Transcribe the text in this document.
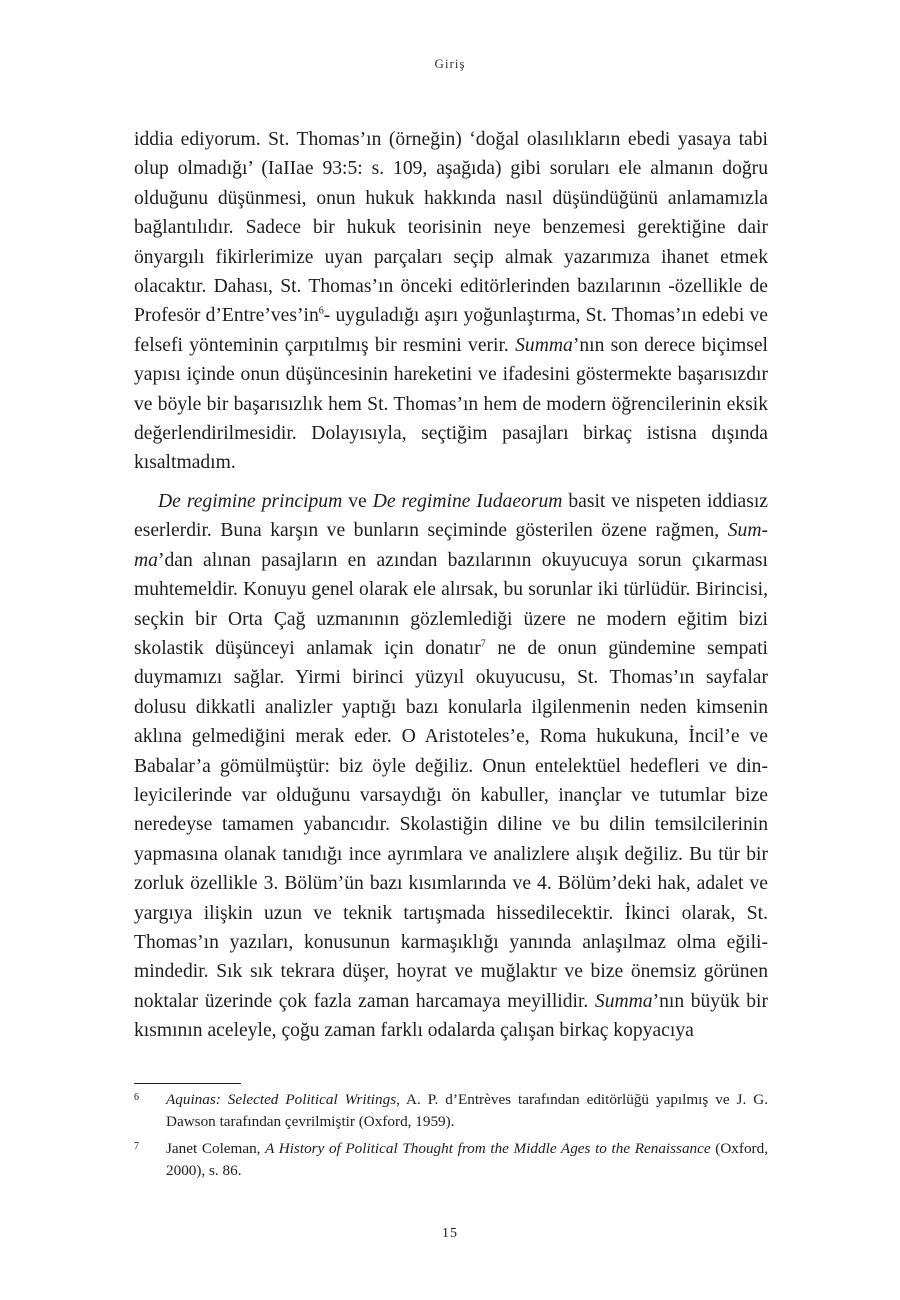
Giriş

iddia ediyorum. St. Thomas’ın (örneğin) ‘doğal olasılıkların ebedi yasaya tabi olup olmadığı’ (IaIIae 93:5: s. 109, aşağıda) gibi soruları ele almanın doğru olduğunu düşünmesi, onun hukuk hakkında nasıl düşündüğünü anlamamızla bağlantılıdır. Sadece bir hukuk teorisinin neye benzemesi gerektiğine dair önyargılı fikirlerimize uyan parçaları seçip almak yazarımıza ihanet etmek olacaktır. Dahası, St. Thomas’ın önceki editörlerinden bazılarının -özellikle de Profesör d’Entre’ves’in$^6$- uyguladığı aşırı yoğunlaştırma, St. Thomas’ın edebi ve felsefi yönteminin çarpıtılmış bir resmini verir. Summa’nın son derece biçimsel yapısı içinde onun düşüncesinin hareketini ve ifadesini göstermekte başarısızdır ve böyle bir başarısızlık hem St. Thomas’ın hem de modern öğrencilerinin eksik değerlendirilmesidir. Dolayısıyla, seçtiğim pasajları birkaç istisna dışında kısaltmadım.

De regimine principum ve De regimine Iudaeorum basit ve nispeten iddiasız eserlerdir. Buna karşın ve bunların seçiminde gösterilen özene rağmen, Summa’dan alınan pasajların en azından bazılarının okuyucuya sorun çıkarması muhtemeldir. Konuyu genel olarak ele alırsak, bu sorunlar iki türlüdür. Birincisi, seçkin bir Orta Çağ uzmanının gözlemlediği üzere ne modern eğitim bizi skolastik düşünceyi anlamak için donatır$^7$ ne de onun gündemine sempati duymamızı sağlar. Yirmi birinci yüzyıl okuyucusu, St. Thomas’ın sayfalar dolusu dikkatli analizler yaptığı bazı konularla ilgilenmenin neden kimsenin aklına gelmediğini merak eder. O Aristoteles’e, Roma hukukuna, İncil’e ve Babalar’a gömülmüştür: biz öyle değiliz. Onun entelektüel hedefleri ve dinleyicilerinde var olduğunu varsaydığı ön kabuller, inançlar ve tutumlar bize neredeyse tamamen yabancıdır. Skolastiğin diline ve bu dilin temsilcilerinin yapmasına olanak tanıdığı ince ayrımlara ve analizlere alışık değiliz. Bu tür bir zorluk özellikle 3. Bölüm’ün bazı kısımlarında ve 4. Bölüm’deki hak, adalet ve yargıya ilişkin uzun ve teknik tartışmada hissedilecektir. İkinci olarak, St. Thomas’ın yazıları, konusunun karmaşıklığı yanında anlaşılmaz olma eğilimindedir. Sık sık tekrara düşer, hoyrat ve muğlaktır ve bize önemsiz görünen noktalar üzerinde çok fazla zaman harcamaya meyillidir. Summa’nın büyük bir kısmının aceleyle, çoğu zaman farklı odalarda çalışan birkaç kopyacıya

6 Aquinas: Selected Political Writings, A. P. d’Entrèves tarafından editörlüğü yapılmış ve J. G. Dawson tarafından çevrilmiştir (Oxford, 1959).
7 Janet Coleman, A History of Political Thought from the Middle Ages to the Renaissance (Oxford, 2000), s. 86.
15
